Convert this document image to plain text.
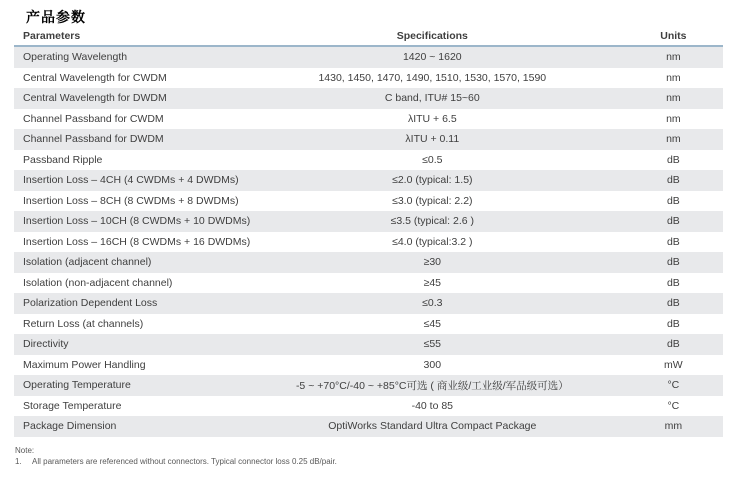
产品参数
Parameters	Specifications	Units
Operating Wavelength	1420 ~ 1620	nm
Central Wavelength for CWDM	1430, 1450, 1470, 1490, 1510, 1530, 1570, 1590	nm
Central Wavelength for DWDM	C band, ITU# 15~60	nm
Channel Passband for CWDM	λITU + 6.5	nm
Channel Passband for DWDM	λITU + 0.11	nm
Passband Ripple	≤0.5	dB
Insertion Loss – 4CH (4 CWDMs + 4 DWDMs)	≤2.0 (typical: 1.5)	dB
Insertion Loss – 8CH (8 CWDMs + 8 DWDMs)	≤3.0 (typical: 2.2)	dB
Insertion Loss – 10CH (8 CWDMs + 10 DWDMs)	≤3.5 (typical: 2.6 )	dB
Insertion Loss – 16CH (8 CWDMs + 16 DWDMs)	≤4.0 (typical:3.2 )	dB
Isolation (adjacent channel)	≥30	dB
Isolation (non-adjacent channel)	≥45	dB
Polarization Dependent Loss	≤0.3	dB
Return Loss (at channels)	≤45	dB
Directivity	≤55	dB
Maximum Power Handling	300	mW
Operating Temperature	-5 ~ +70°C/-40 ~ +85°C可选 ( 商业级/工业级/军品级可选）	°C
Storage Temperature	-40 to 85	°C
Package Dimension	OptiWorks Standard Ultra Compact Package	mm
Note:
1.	All parameters are referenced without connectors. Typical connector loss 0.25 dB/pair.
